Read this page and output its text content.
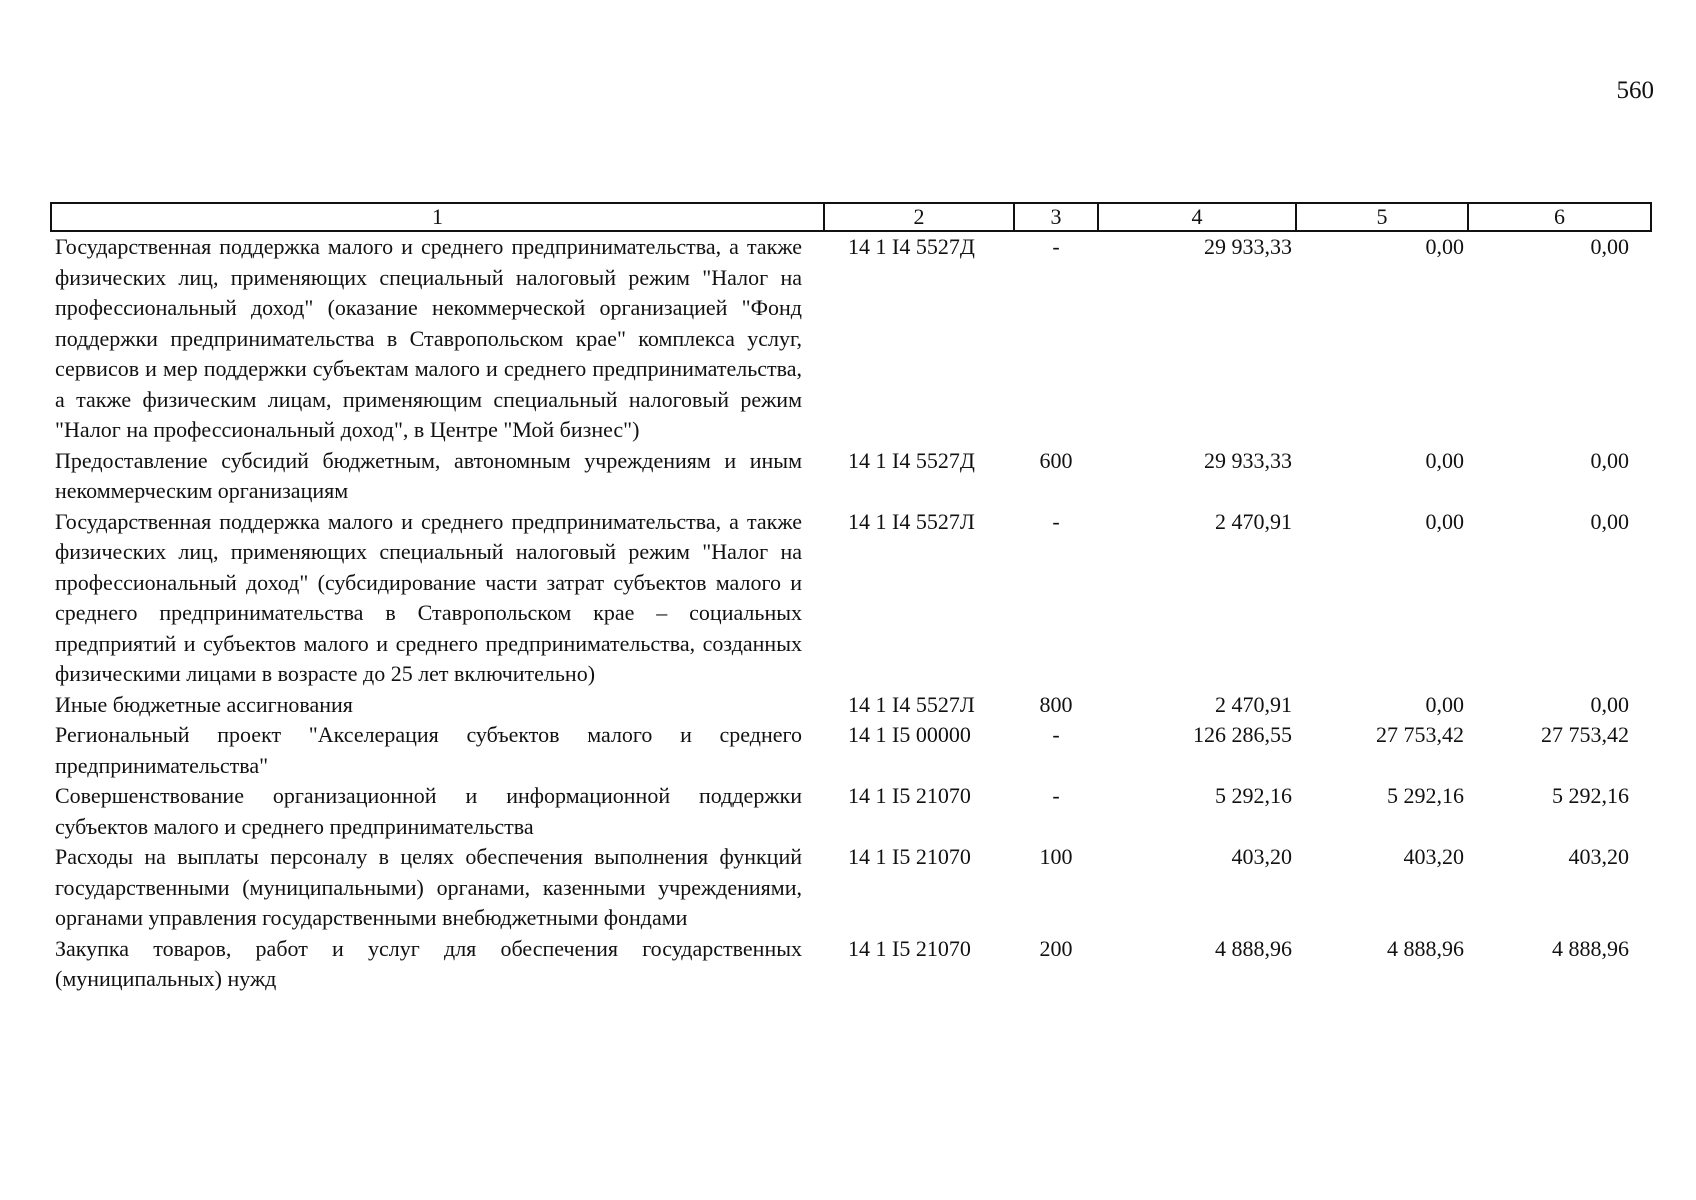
560
1	2	3	4	5	6
Государственная поддержка малого и среднего предпринимательства, а также физических лиц, применяющих специальный налоговый режим "Налог на профессиональный доход" (оказание некоммерческой организацией "Фонд поддержки предпринимательства в Ставропольском крае" комплекса услуг, сервисов и мер поддержки субъектам малого и среднего предпринимательства, а также физическим лицам, применяющим специальный налоговый режим "Налог на профессиональный доход", в Центре "Мой бизнес")	14 1 I4 5527Д	-	29 933,33	0,00	0,00
Предоставление субсидий бюджетным, автономным учреждениям и иным некоммерческим организациям	14 1 I4 5527Д	600	29 933,33	0,00	0,00
Государственная поддержка малого и среднего предпринимательства, а также физических лиц, применяющих специальный налоговый режим "Налог на профессиональный доход" (субсидирование части затрат субъектов малого и среднего предпринимательства в Ставропольском крае – социальных предприятий и субъектов малого и среднего предпринимательства, созданных физическими лицами в возрасте до 25 лет включительно)	14 1 I4 5527Л	-	2 470,91	0,00	0,00
Иные бюджетные ассигнования	14 1 I4 5527Л	800	2 470,91	0,00	0,00
Региональный проект "Акселерация субъектов малого и среднего предпринимательства"	14 1 I5 00000	-	126 286,55	27 753,42	27 753,42
Совершенствование организационной и информационной поддержки субъектов малого и среднего предпринимательства	14 1 I5 21070	-	5 292,16	5 292,16	5 292,16
Расходы на выплаты персоналу в целях обеспечения выполнения функций государственными (муниципальными) органами, казенными учреждениями, органами управления государственными внебюджетными фондами	14 1 I5 21070	100	403,20	403,20	403,20
Закупка товаров, работ и услуг для обеспечения государственных (муниципальных) нужд	14 1 I5 21070	200	4 888,96	4 888,96	4 888,96
